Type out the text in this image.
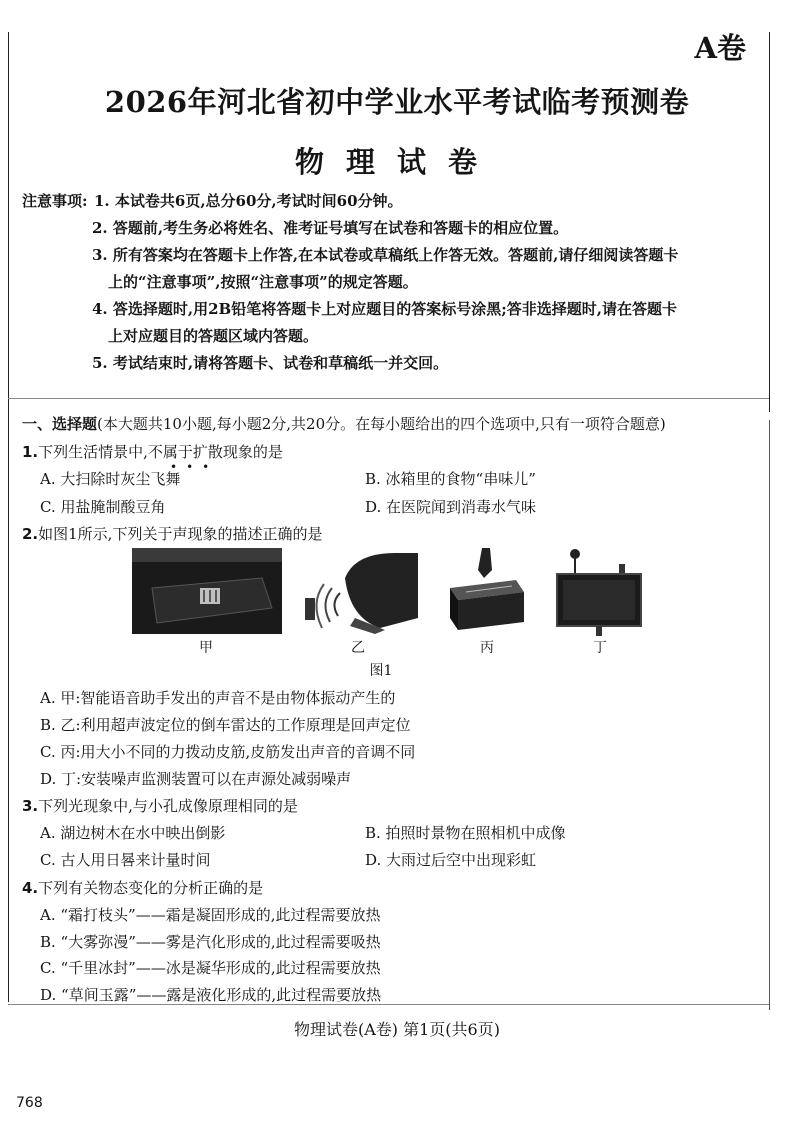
A卷
2026年河北省初中学业水平考试临考预测卷
物理试卷
注意事项: 1. 本试卷共6页,总分60分,考试时间60分钟。
2. 答题前,考生务必将姓名、准考证号填写在试卷和答题卡的相应位置。
3. 所有答案均在答题卡上作答,在本试卷或草稿纸上作答无效。答题前,请仔细阅读答题卡
上的“注意事项”,按照“注意事项”的规定答题。
4. 答选择题时,用2B铅笔将答题卡上对应题目的答案标号涂黑;答非选择题时,请在答题卡
上对应题目的答题区域内答题。
5. 考试结束时,请将答题卡、试卷和草稿纸一并交回。
一、选择题(本大题共10小题,每小题2分,共20分。在每小题给出的四个选项中,只有一项符合题意)
1.下列生活情景中,不属于扩散现象的是
•••
A. 大扫除时灰尘飞舞	B. 冰箱里的食物“串味儿”
C. 用盐腌制酸豆角	D. 在医院闻到消毒水气味
2.如图1所示,下列关于声现象的描述正确的是
甲	乙	丙	丁
图1
A. 甲:智能语音助手发出的声音不是由物体振动产生的
B. 乙:利用超声波定位的倒车雷达的工作原理是回声定位
C. 丙:用大小不同的力拨动皮筋,皮筋发出声音的音调不同
D. 丁:安装噪声监测装置可以在声源处减弱噪声
3.下列光现象中,与小孔成像原理相同的是
A. 湖边树木在水中映出倒影	B. 拍照时景物在照相机中成像
C. 古人用日晷来计量时间	D. 大雨过后空中出现彩虹
4.下列有关物态变化的分析正确的是
A. “霜打枝头”——霜是凝固形成的,此过程需要放热
B. “大雾弥漫”——雾是汽化形成的,此过程需要吸热
C. “千里冰封”——冰是凝华形成的,此过程需要放热
D. “草间玉露”——露是液化形成的,此过程需要放热
物理试卷(A卷) 第1页(共6页)
768
